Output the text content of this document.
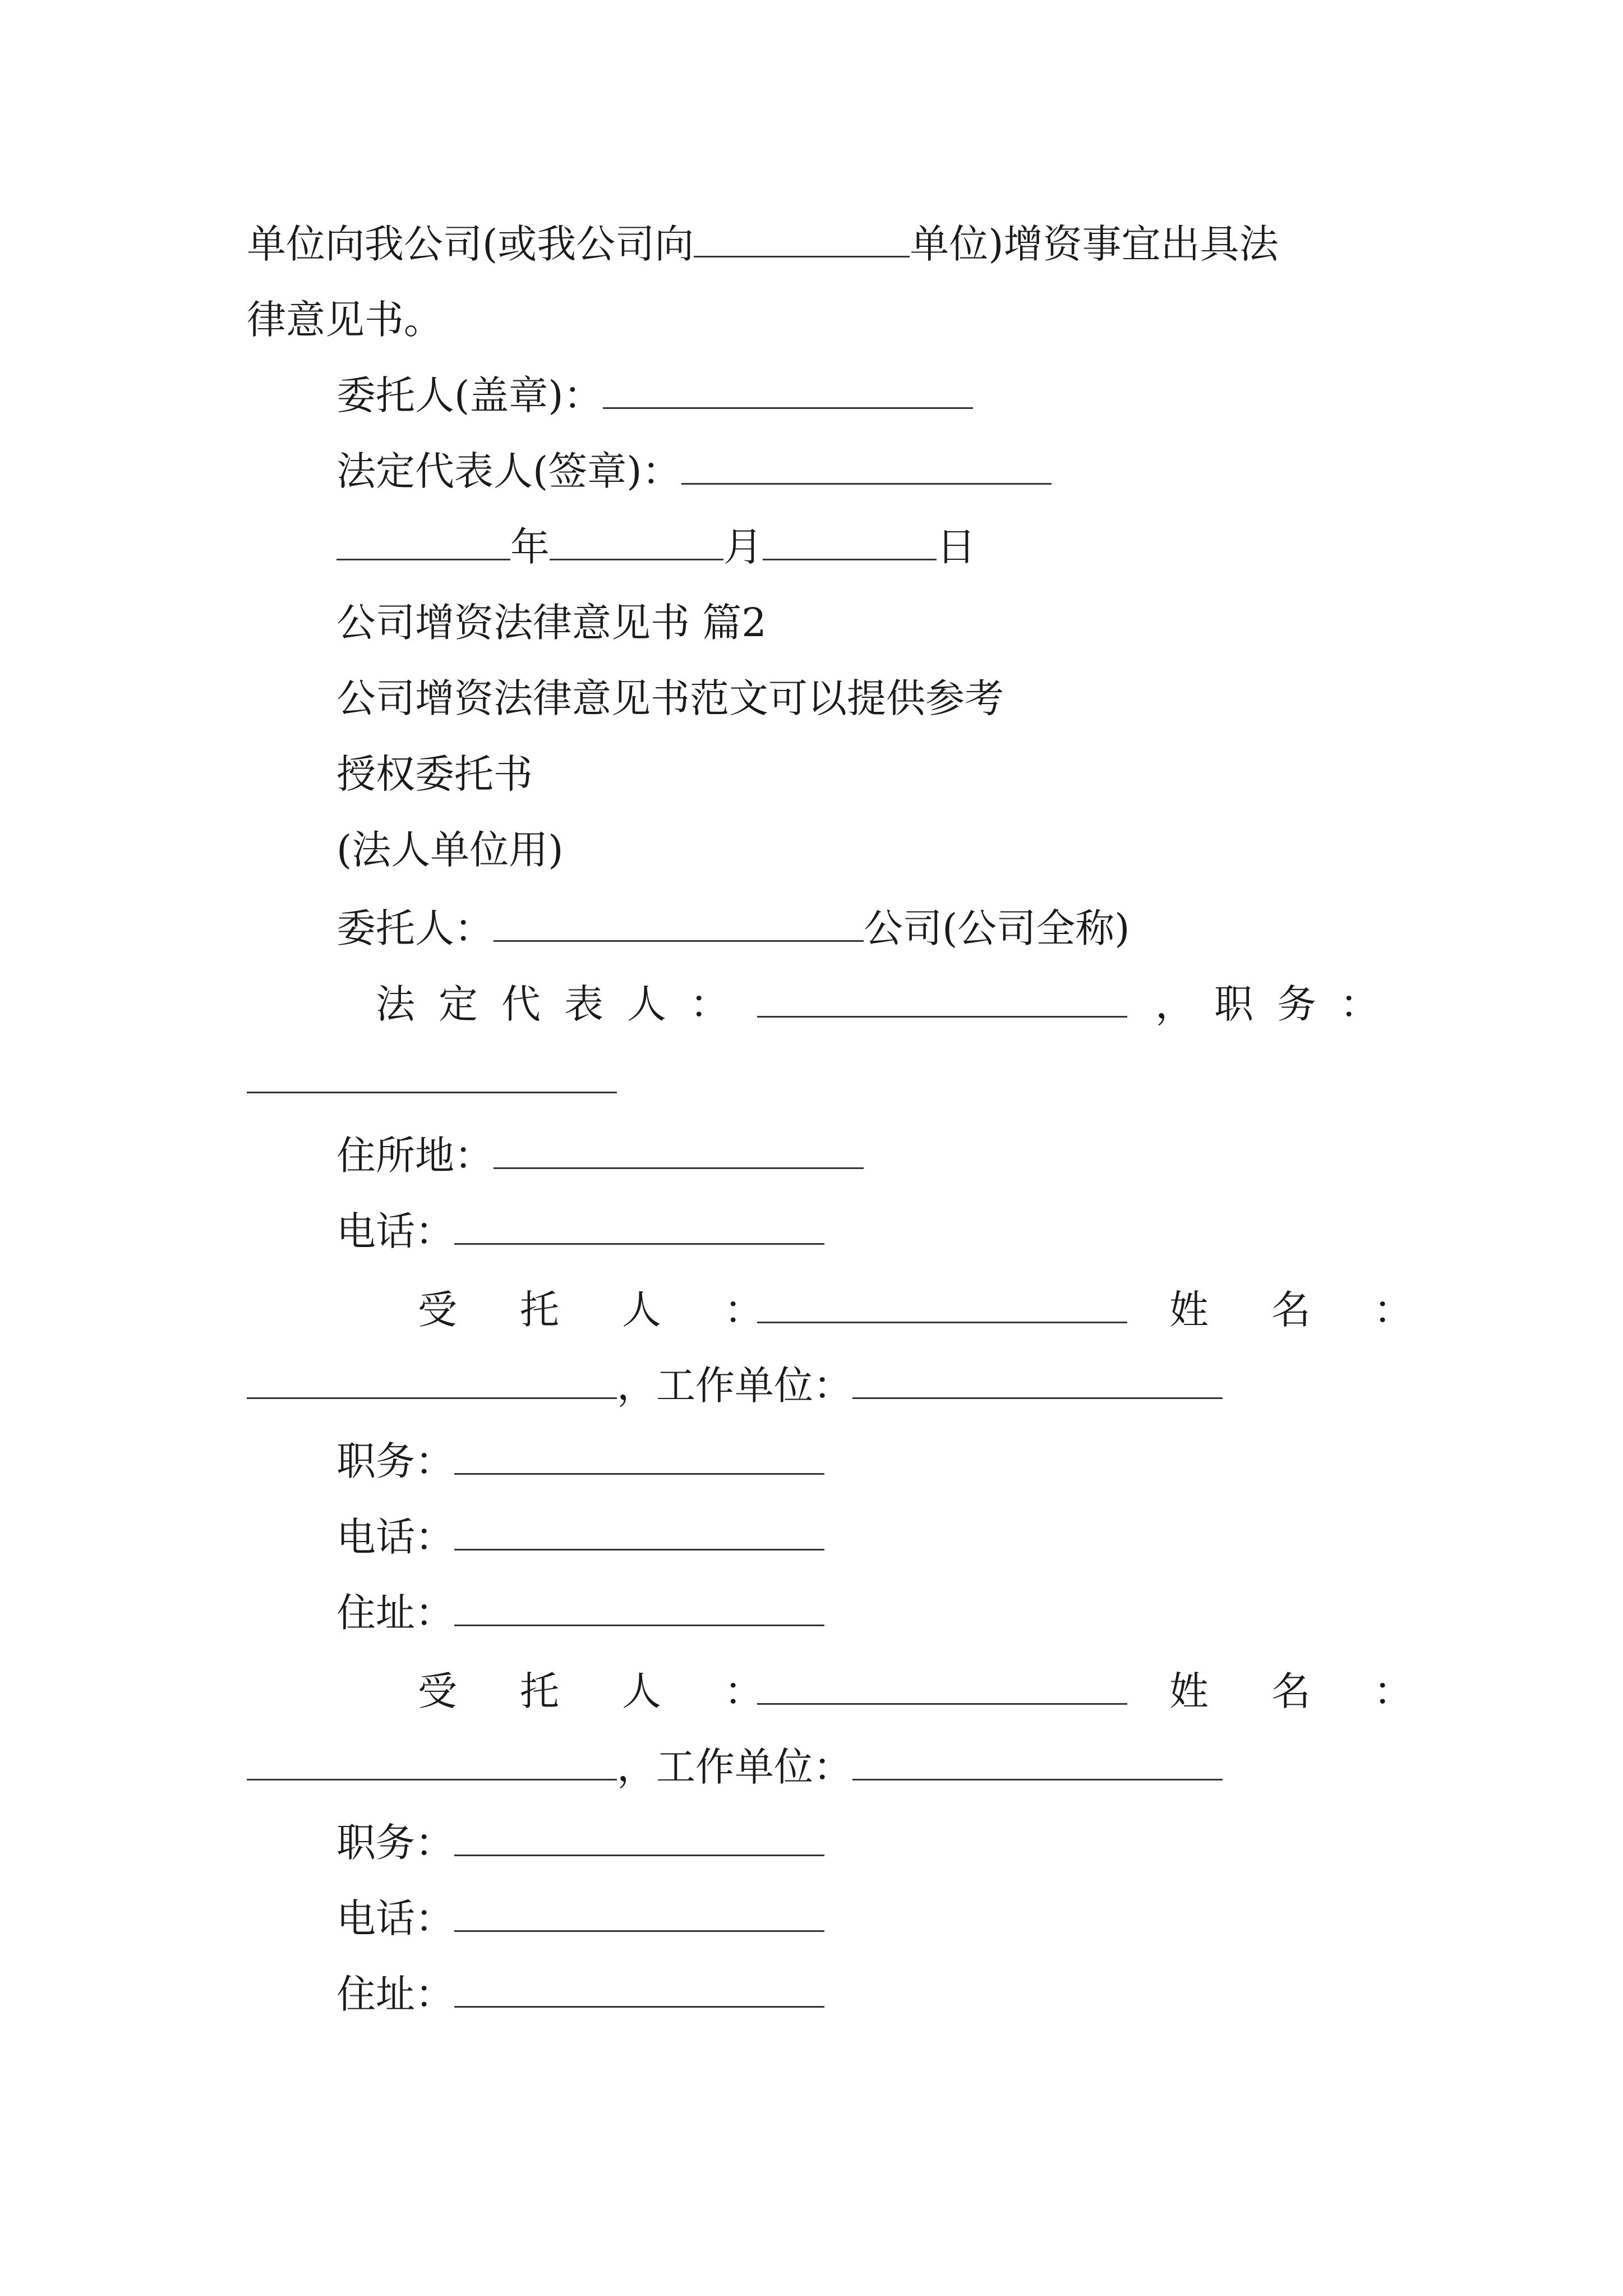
单位向我公司(或我公司向	单位)增资事宜出具法
律意见书。
委托人(盖章)：
法定代表人(签章)：
年	月	日
公司增资法律意见书 篇2
公司增资法律意见书范文可以提供参考
授权委托书
(法人单位用)
委托人：	公司(公司全称)
法定代表人：	， 职务：
住所地：
电话：
受托人：	姓名：
，工作单位：
职务：
电话：
住址：
受托人：	姓名：
，工作单位：
职务：
电话：
住址：
